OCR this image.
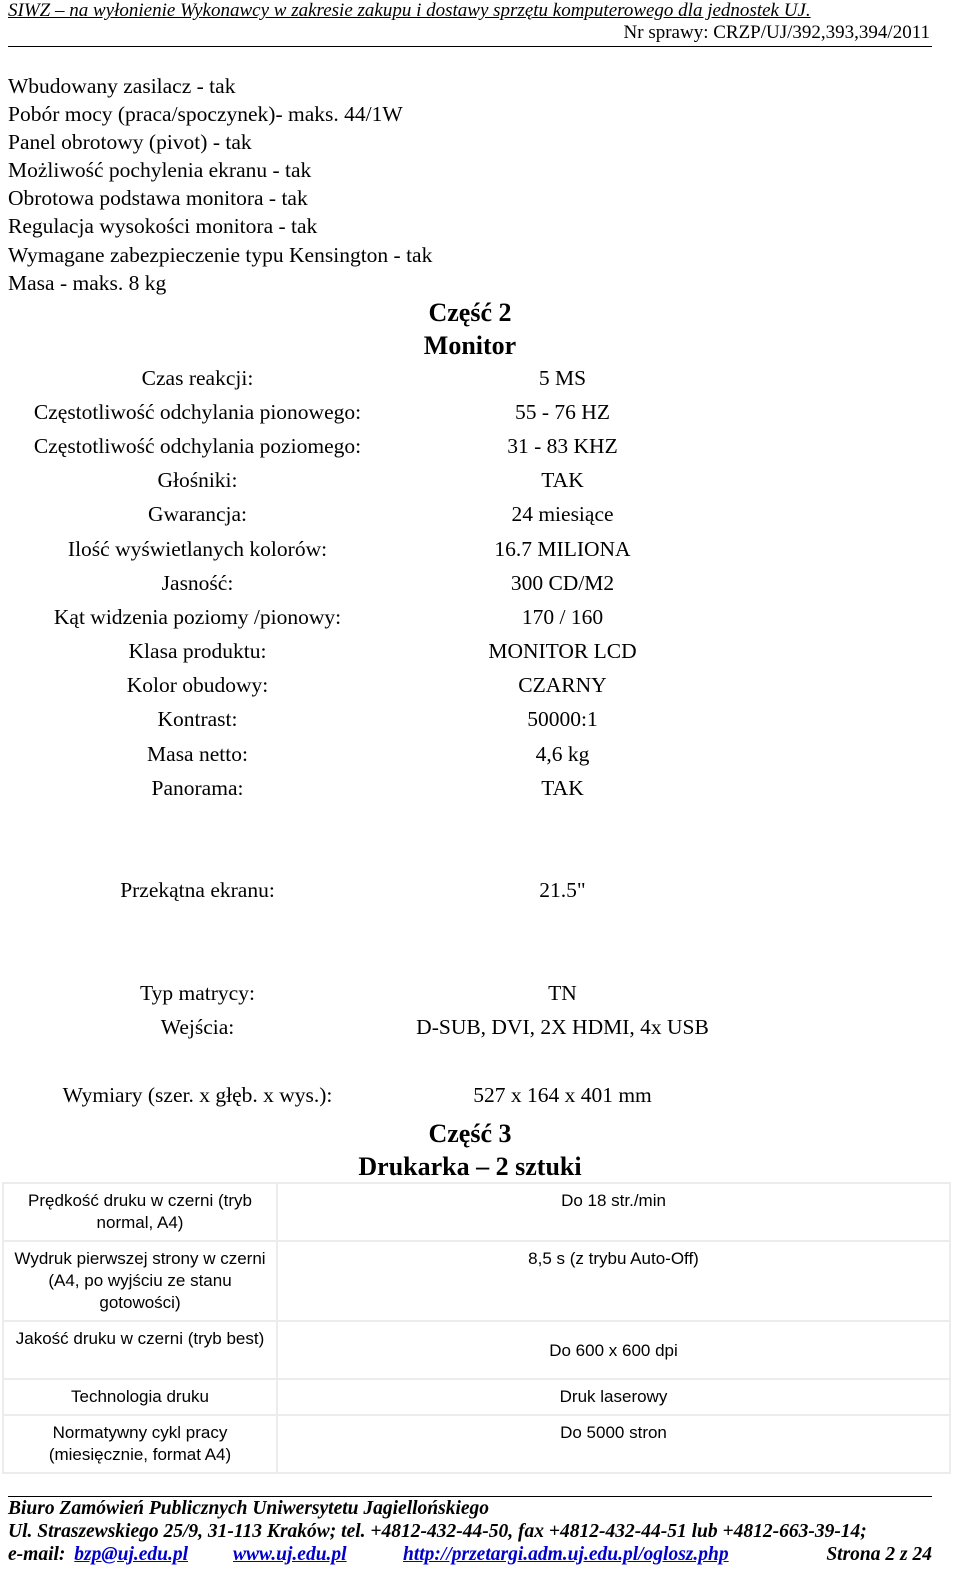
SIWZ – na wyłonienie Wykonawcy w zakresie zakupu i dostawy sprzętu komputerowego dla jednostek UJ.
Nr sprawy: CRZP/UJ/392,393,394/2011
Wbudowany zasilacz - tak
Pobór mocy (praca/spoczynek)- maks. 44/1W
Panel obrotowy (pivot) - tak
Możliwość pochylenia ekranu - tak
Obrotowa podstawa monitora - tak
Regulacja wysokości monitora - tak
Wymagane zabezpieczenie typu Kensington - tak
Masa - maks. 8 kg
Część 2
Monitor
Czas reakcji:	5 MS
Częstotliwość odchylania pionowego:	55 - 76 HZ
Częstotliwość odchylania poziomego:	31 - 83 KHZ
Głośniki:	TAK
Gwarancja:	24 miesiące
Ilość wyświetlanych kolorów:	16.7 MILIONA
Jasność:	300 CD/M2
Kąt widzenia poziomy /pionowy:	170 / 160
Klasa produktu:	MONITOR LCD
Kolor obudowy:	CZARNY
Kontrast:	50000:1
Masa netto:	4,6 kg
Panorama:	TAK
Przekątna ekranu:	21.5"
Typ matrycy:	TN
Wejścia:	D-SUB, DVI, 2X HDMI, 4x USB
Wymiary (szer. x głęb. x wys.):	527 x 164 x 401 mm
Część 3
Drukarka – 2 sztuki
Prędkość druku w czerni (tryb normal, A4)	Do 18 str./min
Wydruk pierwszej strony w czerni (A4, po wyjściu ze stanu gotowości)	8,5 s (z trybu Auto-Off)
Jakość druku w czerni (tryb best)	Do 600 x 600 dpi
Technologia druku	Druk laserowy
Normatywny cykl pracy (miesięcznie, format A4)	Do 5000 stron
Biuro Zamówień Publicznych Uniwersytetu Jagiellońskiego
Ul. Straszewskiego 25/9, 31-113 Kraków; tel. +4812-432-44-50, fax +4812-432-44-51 lub +4812-663-39-14;
e-mail: bzp@uj.edu.pl www.uj.edu.pl	http://przetargi.adm.uj.edu.pl/oglosz.php	Strona 2 z 24
